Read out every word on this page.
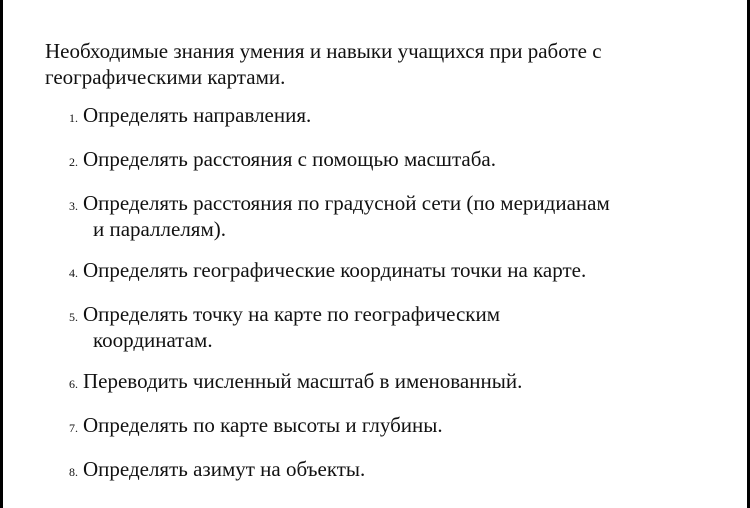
Необходимые знания умения и навыки учащихся при работе с географическими картами.
1. Определять направления.
2. Определять расстояния с помощью масштаба.
3. Определять расстояния по градусной сети (по меридианам
и параллелям).
4. Определять географические координаты точки на карте.
5. Определять точку на карте по географическим
координатам.
6. Переводить численный масштаб в именованный.
7. Определять по карте высоты и глубины.
8. Определять азимут на объекты.
